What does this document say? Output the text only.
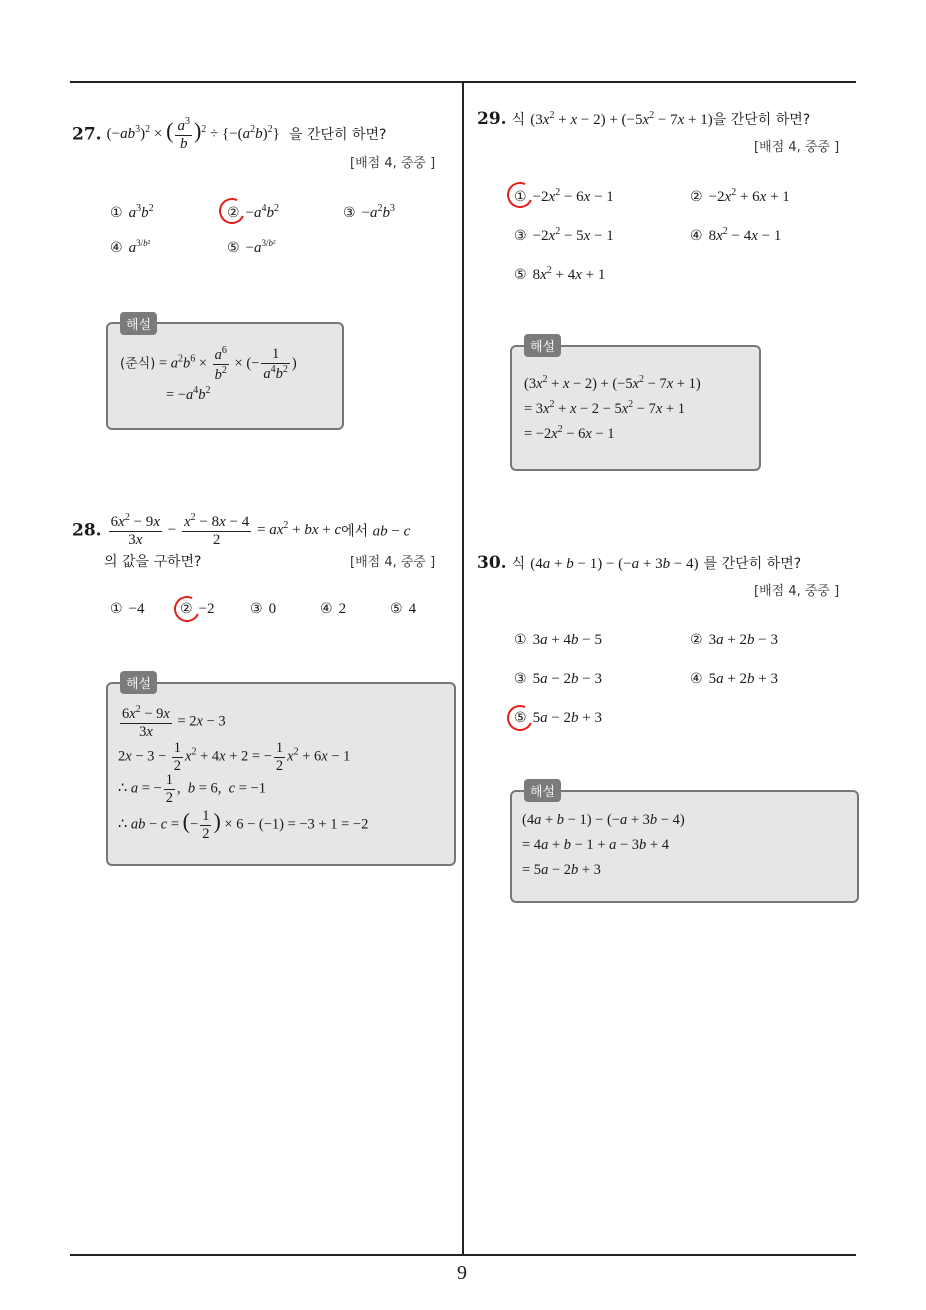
9
27. $(-ab^3)^2$ × ( $\frac{a^3}{b} )^2 \div \{-(a^2b)^2\}$ 을 간단히 하면?
[배점 4, 중중 ]
① $a^3b^2$	② $-a^4b^2$	③ $-a^2b^3$
④ $a^{3/b^2}$	⑤ $-a^{3/b^2}$
해설
(준식) = $a^2b^6 \times \frac{a^6}{b^2}$ × (− $\frac{1}{a^4b^2}$ )
= $-a^4b^2$
28. $\frac{6x^2 - 9x}{3x} - \frac{x^2 - 8x - 4}{2} = ax^2$ + bx + c에서 ab − c
의 값을 구하면?	[배점 4, 중중 ]
① −4	② −2	③ 0	④ 2	⑤ 4
해설
$\frac{6x^2 - 9x}{3x} = 2x - 3$
$2x - 3 - \frac{1}{2} x^2 + 4x + 2$ = − $\frac{1}{2} x^2 + 6x - 1$
∴ a = − $\frac{1}{2}$ ,  b = 6,  c = −1
∴ ab − c = (− $\frac{1}{2}$ ) × 6 − (−1) = −3 + 1 = −2
29. 식 $(3x^2 + x - 2) + (-5x^2 - 7x + 1)$을 간단히 하면?
[배점 4, 중중 ]
① $-2x^2 - 6x - 1$	② $-2x^2 + 6x + 1$
③ $-2x^2 - 5x - 1$	④ $8x^2 - 4x - 1$
⑤ $8x^2 + 4x + 1$
해설
$(3x^2 + x - 2) + (-5x^2 - 7x + 1)$
= $3x^2 + x - 2 - 5x^2 - 7x + 1$
= $-2x^2 - 6x - 1$
30. 식 (4a + b − 1) − (−a + 3b − 4) 를 간단히 하면?
[배점 4, 중중 ]
① 3a + 4b − 5	② 3a + 2b − 3
③ 5a − 2b − 3	④ 5a + 2b + 3
⑤ 5a − 2b + 3
해설
(4a + b − 1) − (−a + 3b − 4)
= 4a + b − 1 + a − 3b + 4
= 5a − 2b + 3
